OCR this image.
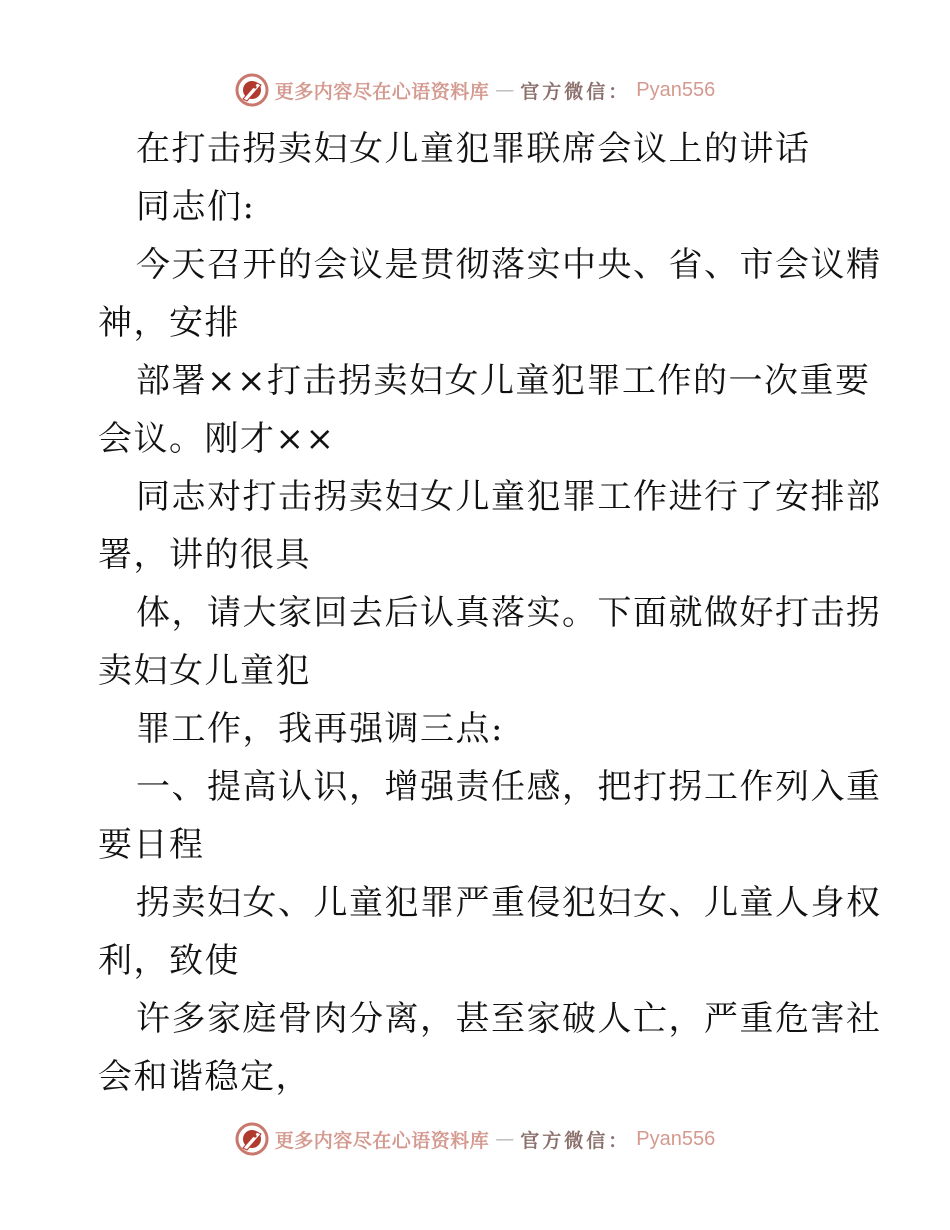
更多内容尽在心语资料库 — 官方微信： Pyan556
在打击拐卖妇女儿童犯罪联席会议上的讲话
同志们:
今天召开的会议是贯彻落实中央、省、市会议精
神，安排
部署××打击拐卖妇女儿童犯罪工作的一次重要
会议。刚才××
同志对打击拐卖妇女儿童犯罪工作进行了安排部
署，讲的很具
体，请大家回去后认真落实。下面就做好打击拐
卖妇女儿童犯
罪工作，我再强调三点:
一、提高认识，增强责任感，把打拐工作列入重
要日程
拐卖妇女、儿童犯罪严重侵犯妇女、儿童人身权
利，致使
许多家庭骨肉分离，甚至家破人亡，严重危害社
会和谐稳定，
更多内容尽在心语资料库 — 官方微信： Pyan556
